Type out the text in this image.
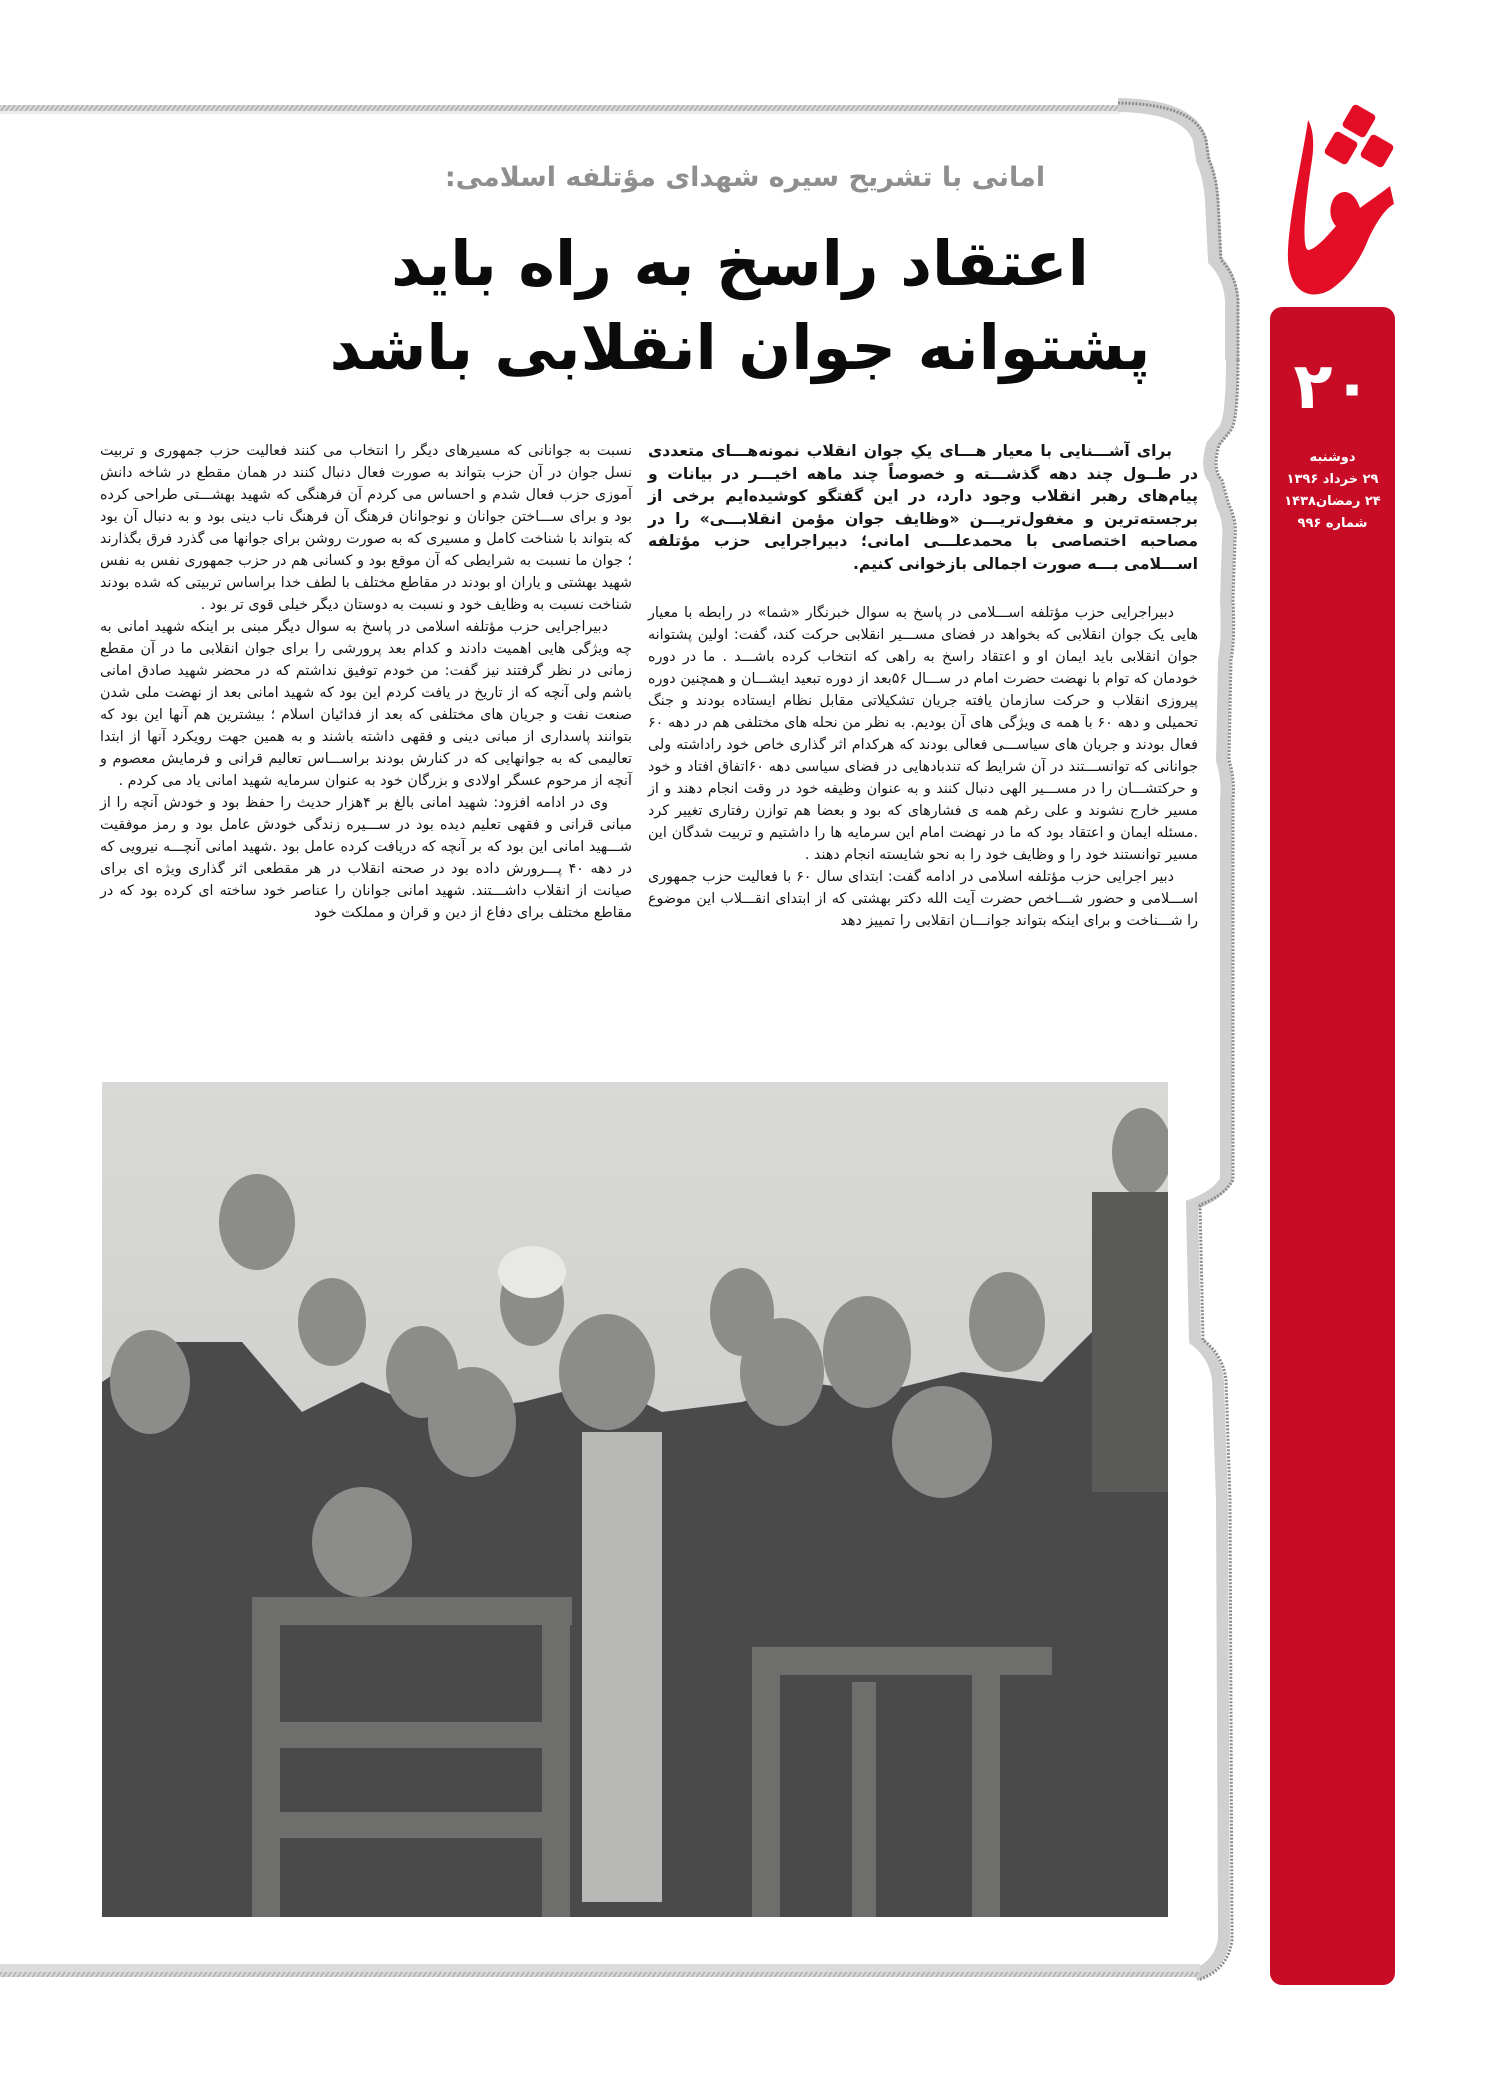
۲۰
دوشنبه
۲۹ خرداد ۱۳۹۶
۲۴ رمضان۱۴۳۸
شماره ۹۹۶
امانی با تشریح سیره شهدای مؤتلفه اسلامی:
اعتقاد راسخ به راه باید
پشتوانه جوان انقلابی باشد

برای آشـــنایی با معیار هـــای یکِ جوان انقلاب نمونه‌هـــای متعددی در طــول چند دهه گذشـــته و خصوصاً چند ماهه اخیـــر در بیانات و پیام‌های رهبر انقلاب وجود دارد، در این گفتگو کوشیده‌ایم برخی از برجسته‌ترین و مغفول‌تریـــن «وظایف جوان مؤمن انقلابـــی» را در مصاحبه اختصاصی با محمدعلـــی امانی؛ دبیراجرایی حزب مؤتلفه اســـلامی بـــه صورت اجمالی بازخوانی کنیم.

دبیراجرایی حزب مؤتلفه اســـلامی در پاسخ به سوال خبرنگار «شما» در رابطه با معیار هایی یک جوان انقلابی که بخواهد در فضای مســـیر انقلابی حرکت کند، گفت: اولین پشتوانه جوان انقلابی باید ایمان او و اعتقاد راسخ به راهی که انتخاب کرده باشـــد . ما در دوره خودمان که توام با نهضت حضرت امام در ســـال ۵۶بعد از دوره تبعید ایشـــان و همچنین دوره پیروزی انقلاب و حرکت سازمان یافته جریان تشکیلاتی مقابل نظام ایستاده بودند و جنگ تحمیلی و دهه ۶۰ با همه ی ویژگی های آن بودیم. به نظر من نحله های مختلفی هم در دهه ۶۰ فعال بودند و جریان های سیاســـی فعالی بودند که هرکدام اثر گذاری خاص خود راداشته ولی جوانانی که توانســـتند در آن شرایط که تندبادهایی در فضای سیاسی دهه ۶۰اتفاق افتاد و خود و حرکتشـــان را در مســـیر الهی دنبال کنند و به عنوان وظیفه خود در وقت انجام دهند و از مسیر خارج نشوند و علی رغم همه ی فشارهای که بود و بعضا هم توازن رفتاری تغییر کرد .مسئله ایمان و اعتقاد بود که ما در نهضت امام این سرمایه ها را داشتیم و تربیت شدگان این مسیر توانستند خود را و وظایف خود را به نحو شایسته انجام دهند .

دبیر اجرایی حزب مؤتلفه اسلامی در ادامه گفت: ابتدای سال ۶۰ با فعالیت حزب جمهوری اســـلامی و حضور شـــاخص حضرت آیت الله دکتر بهشتی که از ابتدای انقـــلاب این موضوع را شـــناخت و برای اینکه بتواند جوانـــان انقلابی را تمییز دهد

نسبت به جوانانی که مسیرهای دیگر را انتخاب می کنند فعالیت حزب جمهوری و تربیت نسل جوان در آن حزب بتواند به صورت فعال دنبال کنند در همان مقطع در شاخه دانش آموزی حزب فعال شدم و احساس می کردم آن فرهنگی که شهید بهشـــتی طراحی کرده بود و برای ســـاختن جوانان و نوجوانان فرهنگ آن فرهنگ ناب دینی بود و به دنبال آن بود که بتواند با شناخت کامل و مسیری که به صورت روشن برای جوانها می گذرد فرق بگذارند ؛ جوان ما نسبت به شرایطی که آن موقع بود و کسانی هم در حزب جمهوری نفس به نفس شهید بهشتی و یاران او بودند در مقاطع مختلف با لطف خدا براساس تربیتی که شده بودند شناخت نسبت به وظایف خود و نسبت به دوستان دیگر خیلی قوی تر بود .

دبیراجرایی حزب مؤتلفه اسلامی در پاسخ به سوال دیگر مبنی بر اینکه شهید امانی به چه ویژگی هایی اهمیت دادند و کدام بعد پرورشی را برای جوان انقلابی ما در آن مقطع زمانی در نظر گرفتند نیز گفت: من خودم توفیق نداشتم که در محضر شهید صادق امانی باشم ولی آنچه که از تاریخ در یافت کردم این بود که شهید امانی بعد از نهضت ملی شدن صنعت نفت و جریان های مختلفی که بعد از فدائیان اسلام ؛ بیشترین هم آنها این بود که بتوانند پاسداری از مبانی دینی و فقهی داشته باشند و به همین جهت رویکرد آنها از ابتدا تعالیمی که به جوانهایی که در کنارش بودند براســـاس تعالیم قرانی و فرمایش معصوم و آنچه از مرحوم عسگر اولادی و بزرگان خود به عنوان سرمایه شهید امانی یاد می کردم .

وی در ادامه افزود: شهید امانی بالغ بر ۴هزار حدیث را حفظ بود و خودش آنچه را از مبانی قرانی و فقهی تعلیم دیده بود در ســـیره زندگی خودش عامل بود و رمز موفقیت شـــهید امانی این بود که بر آنچه که دریافت کرده عامل بود .شهید امانی آنچـــه نیرویی که در دهه ۴۰ پـــرورش داده بود در صحنه انقلاب در هر مقطعی اثر گذاری ویژه ای برای صیانت از انقلاب داشـــتند. شهید امانی جوانان را عناصر خود ساخته ای کرده بود که در مقاطع مختلف برای دفاع از دین و قران و مملکت خود
